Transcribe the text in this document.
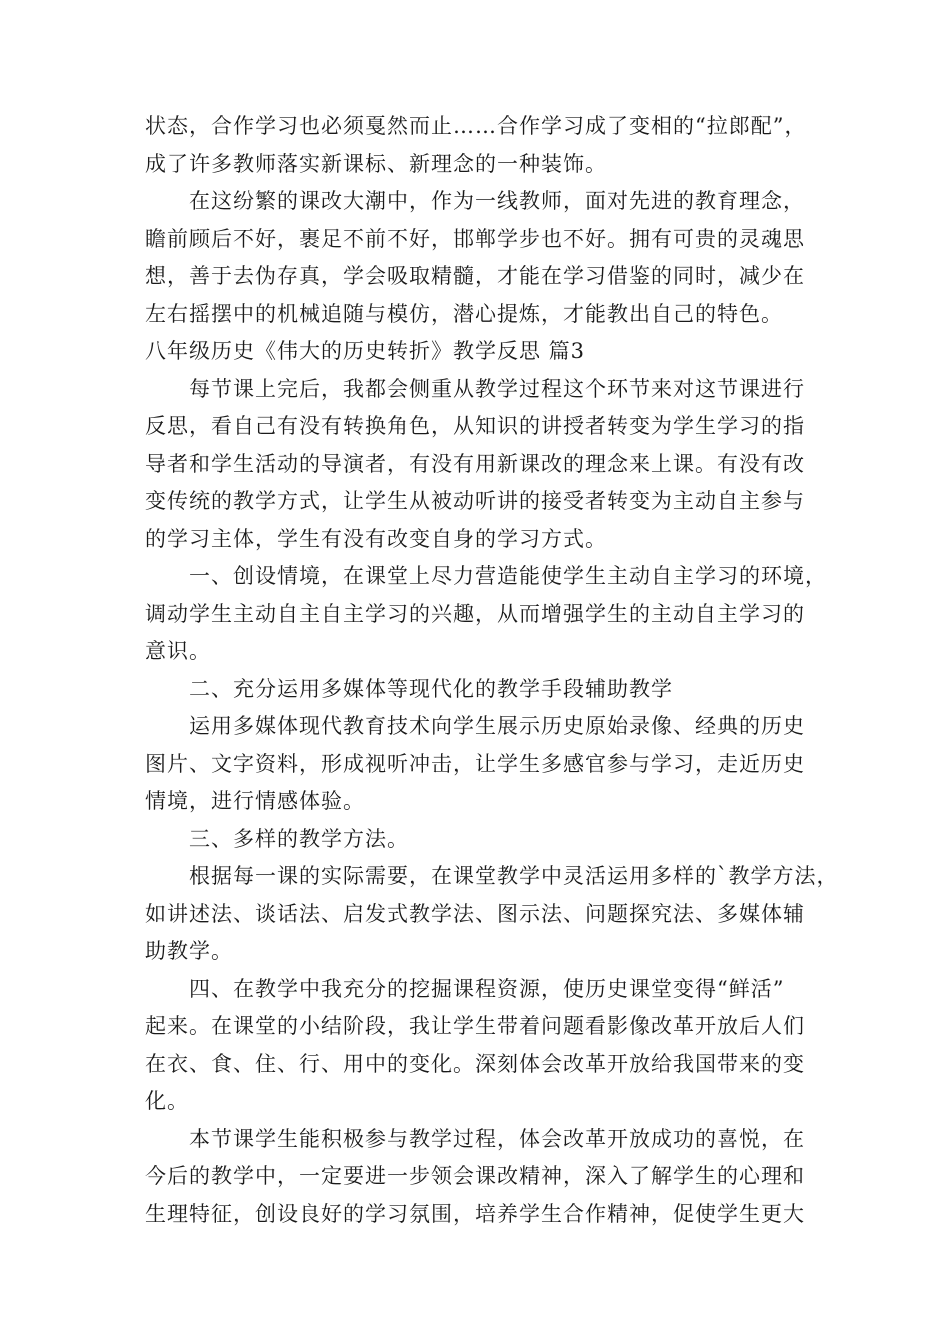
状态，合作学习也必须戛然而止……合作学习成了变相的“拉郎配”，
成了许多教师落实新课标、新理念的一种装饰。
在这纷繁的课改大潮中，作为一线教师，面对先进的教育理念，
瞻前顾后不好，裹足不前不好，邯郸学步也不好。拥有可贵的灵魂思
想，善于去伪存真，学会吸取精髓，才能在学习借鉴的同时，减少在
左右摇摆中的机械追随与模仿，潜心提炼，才能教出自己的特色。
八年级历史《伟大的历史转折》教学反思 篇3
每节课上完后，我都会侧重从教学过程这个环节来对这节课进行
反思，看自己有没有转换角色，从知识的讲授者转变为学生学习的指
导者和学生活动的导演者，有没有用新课改的理念来上课。有没有改
变传统的教学方式，让学生从被动听讲的接受者转变为主动自主参与
的学习主体，学生有没有改变自身的学习方式。
一、创设情境，在课堂上尽力营造能使学生主动自主学习的环境，
调动学生主动自主自主学习的兴趣，从而增强学生的主动自主学习的
意识。
二、充分运用多媒体等现代化的教学手段辅助教学
运用多媒体现代教育技术向学生展示历史原始录像、经典的历史
图片、文字资料，形成视听冲击，让学生多感官参与学习，走近历史
情境，进行情感体验。
三、多样的教学方法。
根据每一课的实际需要，在课堂教学中灵活运用多样的`教学方法，
如讲述法、谈话法、启发式教学法、图示法、问题探究法、多媒体辅
助教学。
四、在教学中我充分的挖掘课程资源，使历史课堂变得“鲜活”
起来。在课堂的小结阶段，我让学生带着问题看影像改革开放后人们
在衣、食、住、行、用中的变化。深刻体会改革开放给我国带来的变
化。
本节课学生能积极参与教学过程，体会改革开放成功的喜悦，在
今后的教学中，一定要进一步领会课改精神，深入了解学生的心理和
生理特征，创设良好的学习氛围，培养学生合作精神，促使学生更大
